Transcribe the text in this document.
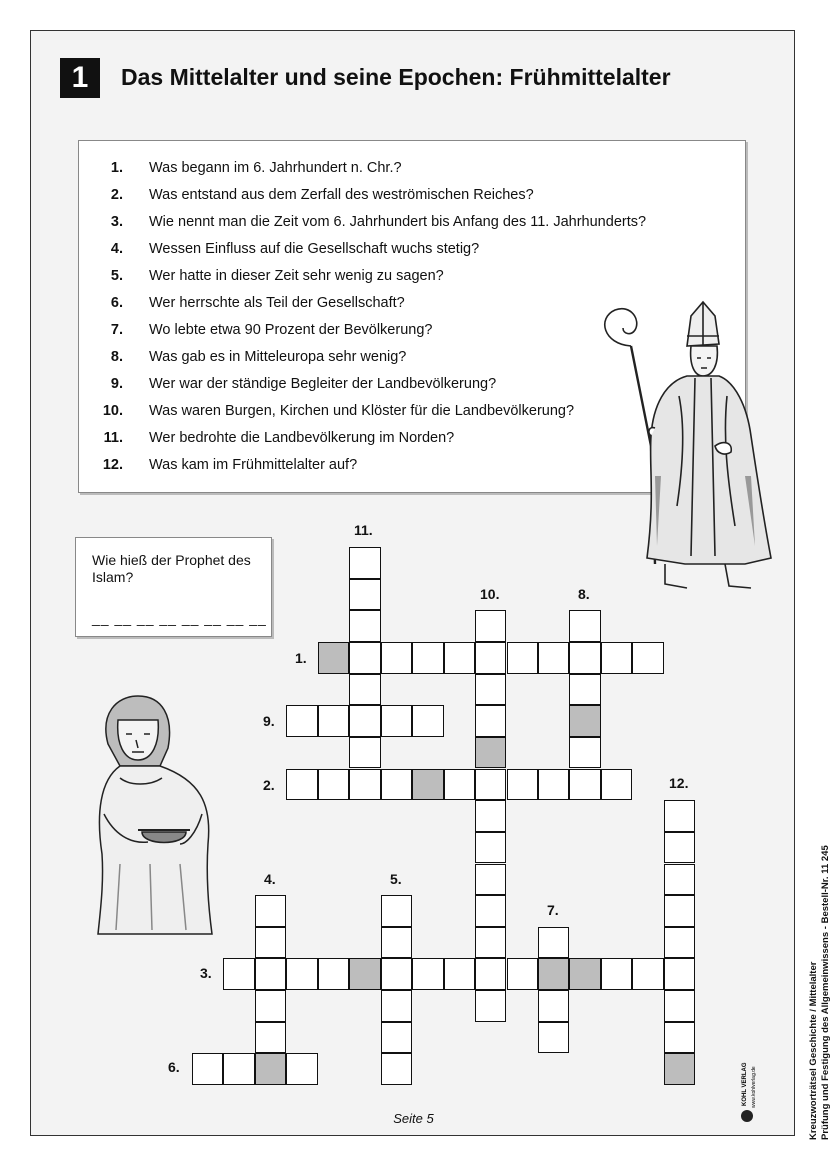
1	Das Mittelalter und seine Epochen: Frühmittelalter
1. Was begann im 6. Jahrhundert n. Chr.?
2. Was entstand aus dem Zerfall des weströmischen Reiches?
3. Wie nennt man die Zeit vom 6. Jahrhundert bis Anfang des 11. Jahrhunderts?
4. Wessen Einfluss auf die Gesellschaft wuchs stetig?
5. Wer hatte in dieser Zeit sehr wenig zu sagen?
6. Wer herrschte als Teil der Gesellschaft?
7. Wo lebte etwa 90 Prozent der Bevölkerung?
8. Was gab es in Mitteleuropa sehr wenig?
9. Wer war der ständige Begleiter der Landbevölkerung?
10. Was waren Burgen, Kirchen und Klöster für die Landbevölkerung?
11. Wer bedrohte die Landbevölkerung im Norden?
12. Was kam im Frühmittelalter auf?
Wie hieß der Prophet des Islam?
__ __ __ __ __ __ __ __
11.
10.	8.
1.
9.
2.	12.
4.	5.
7.
3.
6.	Kreuzworträtsel Geschichte / Mittelalter Prüfung und Festigung des Allgemeinwissens - Bestell-Nr. 11 245
KOHL VERLAG www.kohlverlag.de
Seite 5
